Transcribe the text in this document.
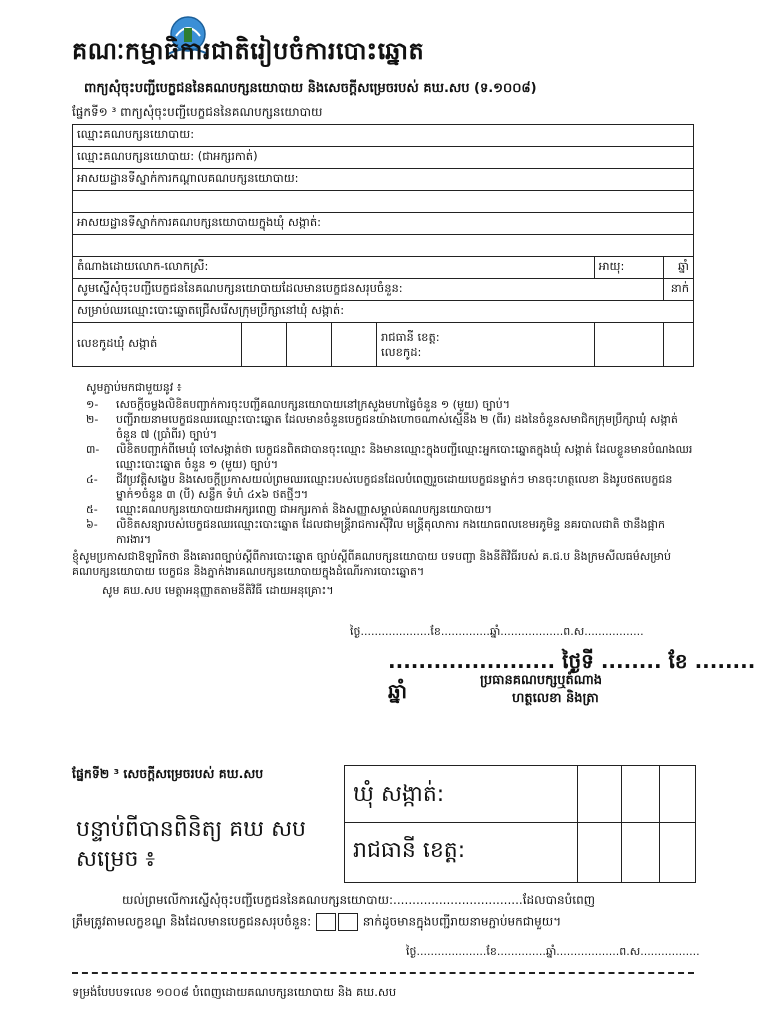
គណៈកម្មាធិការជាតិរៀបចំការបោះឆ្នោត
ពាក្យសុំចុះបញ្ជីបេក្ខជននៃគណបក្សនយោបាយ និងសេចក្ដីសម្រេចរបស់ គឃ.សប (ទ.១០០៨)
ផ្នែកទី១ ³ ពាក្យសុំចុះបញ្ជីបេក្ខជននៃគណបក្សនយោបាយ
ឈ្មោះគណបក្សនយោបាយ:						
ឈ្មោះគណបក្សនយោបាយ: (ជាអក្សរកាត់)						
អាសយដ្ឋានទីស្នាក់ការកណ្ដាលគណបក្សនយោបាយ:						

អាសយដ្ឋានទីស្នាក់ការគណបក្សនយោបាយក្នុងឃុំ សង្កាត់:						

តំណាងដោយលោក-លោកស្រី:					អាយុ:	ឆ្នាំ
សូមស្នើសុំចុះបញ្ជីបេក្ខជននៃគណបក្សនយោបាយដែលមានបេក្ខជនសរុបចំនួន:						នាក់
សម្រាប់ឈរឈ្មោះបោះឆ្នោតជ្រើសរើសក្រុមប្រឹក្សានៅឃុំ សង្កាត់:						
លេខកូដឃុំ សង្កាត់				រាជធានី ខេត្ត:
លេខកូដ:		

សូមភ្ជាប់មកជាមួយនូវ ៖
១-	សេចក្ដីចម្លងលិខិតបញ្ជាក់ការចុះបញ្ជីគណបក្សនយោបាយនៅក្រសួងមហាផ្ទៃចំនួន ១ (មួយ) ច្បាប់។
២-	បញ្ជីរាយនាមបេក្ខជនឈរឈ្មោះបោះឆ្នោត ដែលមានចំនួនបេក្ខជនយ៉ាងហោចណាស់ស្មើនឹង ២ (ពីរ) ដងនៃចំនួនសមាជិកក្រុមប្រឹក្សាឃុំ សង្កាត់ ចំនួន ៧ (ប្រាំពីរ) ច្បាប់។
៣-	លិខិតបញ្ជាក់ពីមេឃុំ ចៅសង្កាត់ថា បេក្ខជនពិតជាបានចុះឈ្មោះ និងមានឈ្មោះក្នុងបញ្ជីឈ្មោះអ្នកបោះឆ្នោតក្នុងឃុំ សង្កាត់ ដែលខ្លួនមានបំណងឈរឈ្មោះបោះឆ្នោត ចំនួន ១ (មួយ) ច្បាប់។
៤-	ជីវប្រវត្តិសង្ខេប និងសេចក្ដីប្រកាសយល់ព្រមឈរឈ្មោះរបស់បេក្ខជនដែលបំពេញរួចដោយបេក្ខជនម្នាក់ៗ មានចុះហត្ថលេខា និងរូបថតបេក្ខជនម្នាក់១ចំនួន ៣ (បី) សន្លឹក ទំហំ ៤x៦ ថតថ្មីៗ។
៥-	ឈ្មោះគណបក្សនយោបាយជាអក្សរពេញ ជាអក្សរកាត់ និងសញ្ញាសម្គាល់គណបក្សនយោបាយ។
៦-	លិខិតសន្យារបស់បេក្ខជនឈរឈ្មោះបោះឆ្នោត ដែលជាមន្ត្រីរាជការស៊ីវិល មន្ត្រីតុលាការ កងយោធពលខេមរភូមិន្ទ នគរបាលជាតិ ថានឹងផ្អាកការងារ។
ខ្ញុំសូមប្រកាសជាឱឡារិកថា នឹងគោរពច្បាប់ស្ដីពីការបោះឆ្នោត ច្បាប់ស្ដីពីគណបក្សនយោបាយ បទបញ្ជា និងនីតិវិធីរបស់ គ.ជ.ប និងក្រមសីលធម៌សម្រាប់គណបក្សនយោបាយ បេក្ខជន និងភ្នាក់ងារគណបក្សនយោបាយក្នុងដំណើរការបោះឆ្នោត។
សូម គឃ.សប មេត្តាអនុញ្ញាតតាមនីតិវិធី ដោយអនុគ្រោះ។
ថ្ងៃ....................ខែ..............ឆ្នាំ..................ព.ស.................
...................... ថ្ងៃទី ........ ខែ ........ ឆ្នាំ	ប្រធានគណបក្សឬតំណាង
ហត្ថលេខា និងត្រា
ផ្នែកទី២ ³ សេចក្ដីសម្រេចរបស់ គឃ.សប
បន្ទាប់ពីបានពិនិត្យ គឃ សប សម្រេច ៖
ឃុំ សង្កាត់:
រាជធានី ខេត្ត:
យល់ព្រមលើការស្នើសុំចុះបញ្ជីបេក្ខជននៃគណបក្សនយោបាយ:..................................ដែលបានបំពេញ
ត្រឹមត្រូវតាមលក្ខខណ្ឌ និងដែលមានបេក្ខជនសរុបចំនួន:	នាក់ដូចមានក្នុងបញ្ជីរាយនាមភ្ជាប់មកជាមួយ។
ថ្ងៃ....................ខែ..............ឆ្នាំ..................ព.ស.................
ទម្រង់បែបបទលេខ ១០០៨ បំពេញដោយគណបក្សនយោបាយ និង គឃ.សប
